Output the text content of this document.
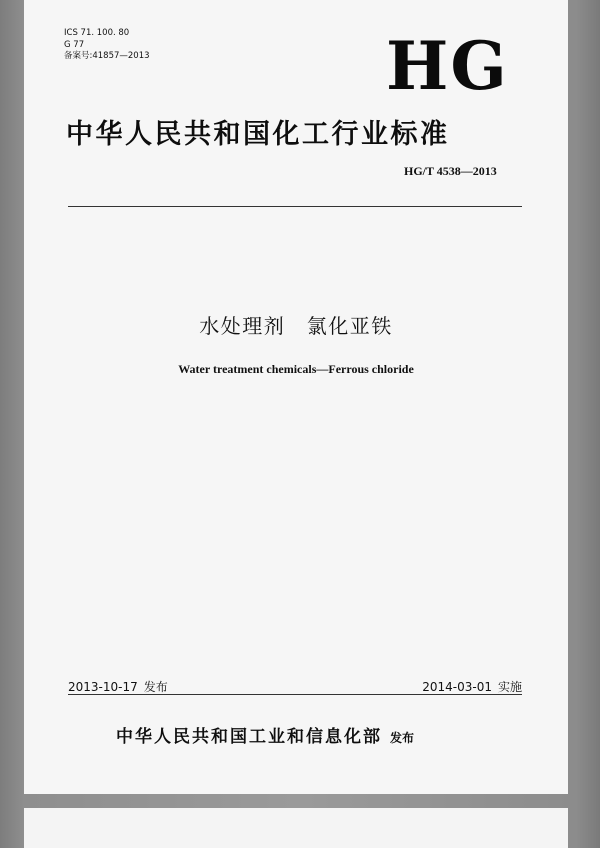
ICS 71. 100. 80
G 77
备案号:41857—2013	HG
中华人民共和国化工行业标准
HG/T 4538—2013
水处理剂　氯化亚铁
Water treatment chemicals—Ferrous chloride
2013-10-17 发布	2014-03-01 实施
中华人民共和国工业和信息化部 发布
